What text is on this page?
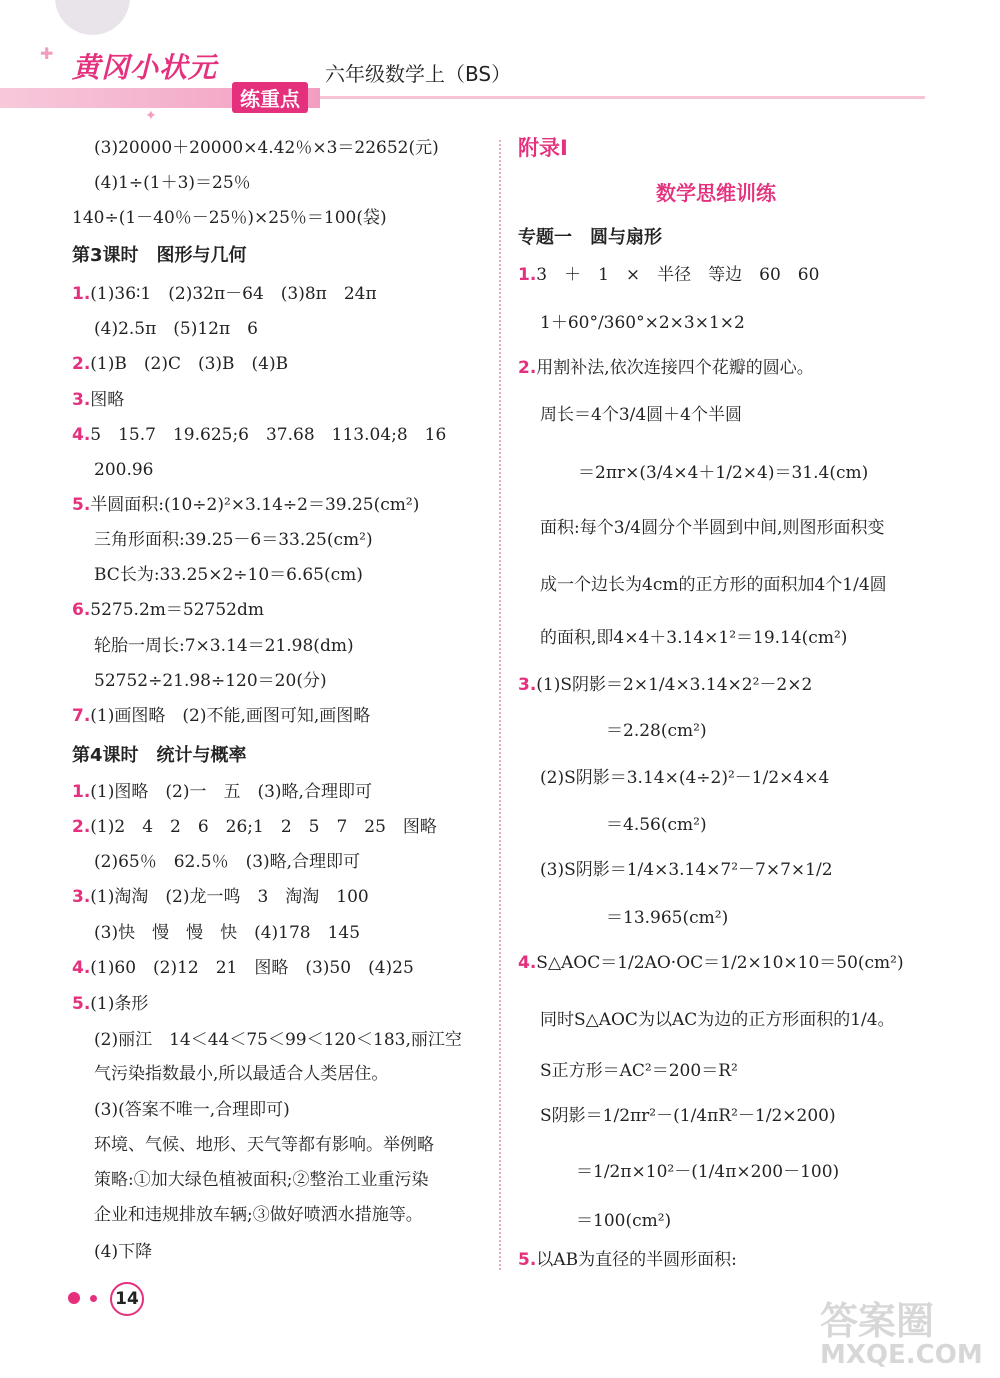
✚
✦
黄冈小状元
练重点
六年级数学上（BS）
(3)20000＋20000×4.42％×3＝22652(元)
(4)1÷(1＋3)＝25％
140÷(1－40％－25％)×25％＝100(袋)
第3课时　图形与几何
1.(1)36∶1　(2)32π－64　(3)8π　24π
(4)2.5π　(5)12π　6
2.(1)B　(2)C　(3)B　(4)B
3.图略
4.5　15.7　19.625;6　37.68　113.04;8　16
200.96
5.半圆面积:(10÷2)²×3.14÷2＝39.25(cm²)
三角形面积:39.25－6＝33.25(cm²)
BC长为:33.25×2÷10＝6.65(cm)
6.5275.2m＝52752dm
轮胎一周长:7×3.14＝21.98(dm)
52752÷21.98÷120＝20(分)
7.(1)画图略　(2)不能,画图可知,画图略
第4课时　统计与概率
1.(1)图略　(2)一　五　(3)略,合理即可
2.(1)2　4　2　6　26;1　2　5　7　25　图略
(2)65％　62.5％　(3)略,合理即可
3.(1)淘淘　(2)龙一鸣　3　淘淘　100
(3)快　慢　慢　快　(4)178　145
4.(1)60　(2)12　21　图略　(3)50　(4)25
5.(1)条形
(2)丽江　14＜44＜75＜99＜120＜183,丽江空
气污染指数最小,所以最适合人类居住。
(3)(答案不唯一,合理即可)
环境、气候、地形、天气等都有影响。举例略
策略:①加大绿色植被面积;②整治工业重污染
企业和违规排放车辆;③做好喷洒水措施等。
(4)下降
附录Ⅰ
数学思维训练
专题一　圆与扇形
1.3　＋　1　×　半径　等边　60　60
1＋60°/360°×2×3×1×2
2.用割补法,依次连接四个花瓣的圆心。
周长＝4个3/4圆＋4个半圆
＝2πr×(3/4×4＋1/2×4)＝31.4(cm)
面积:每个3/4圆分个半圆到中间,则图形面积变
成一个边长为4cm的正方形的面积加4个1/4圆
的面积,即4×4＋3.14×1²＝19.14(cm²)
3.(1)S阴影＝2×1/4×3.14×2²－2×2
＝2.28(cm²)
(2)S阴影＝3.14×(4÷2)²－1/2×4×4
＝4.56(cm²)
(3)S阴影＝1/4×3.14×7²－7×7×1/2
＝13.965(cm²)
4.S△AOC＝1/2AO·OC＝1/2×10×10＝50(cm²)
同时S△AOC为以AC为边的正方形面积的1/4。
S正方形＝AC²＝200＝R²
S阴影＝1/2πr²－(1/4πR²－1/2×200)
＝1/2π×10²－(1/4π×200－100)
＝100(cm²)
5.以AB为直径的半圆形面积:
14	答案圈
MXQE.COM
